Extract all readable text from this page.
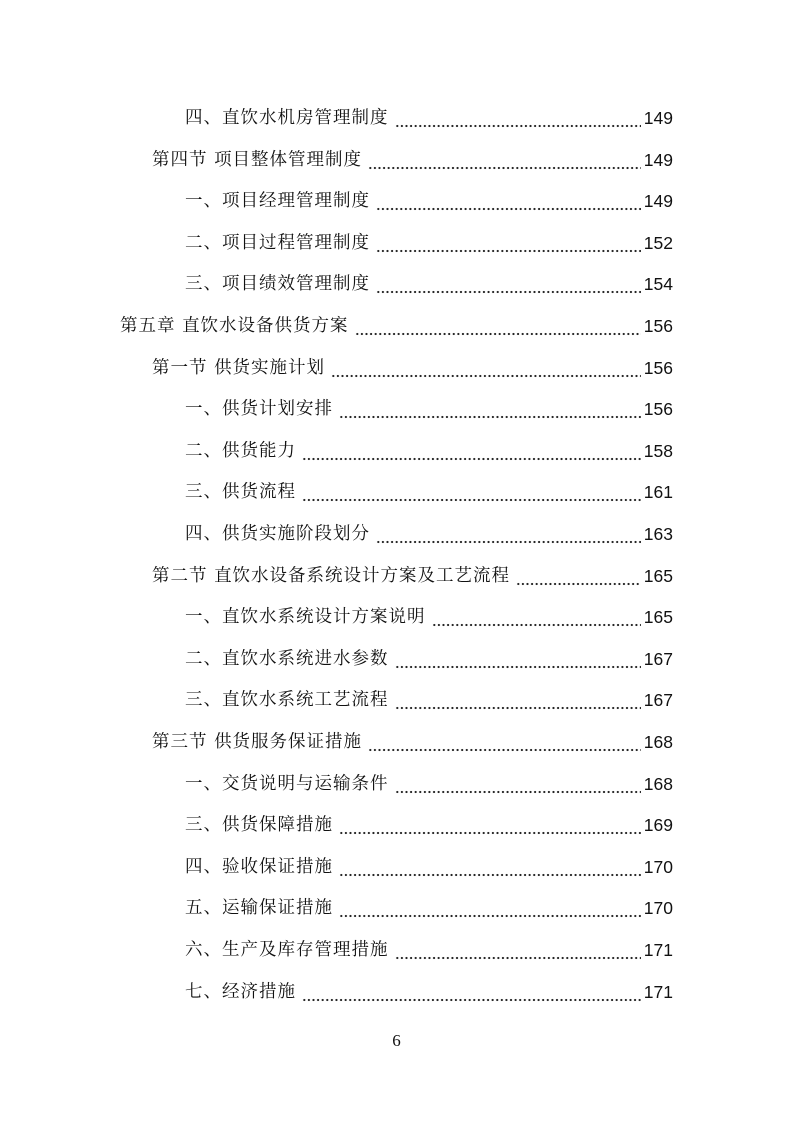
四、直饮水机房管理制度	149
第四节 项目整体管理制度	149
一、项目经理管理制度	149
二、项目过程管理制度	152
三、项目绩效管理制度	154
第五章 直饮水设备供货方案	156
第一节 供货实施计划	156
一、供货计划安排	156
二、供货能力	158
三、供货流程	161
四、供货实施阶段划分	163
第二节 直饮水设备系统设计方案及工艺流程	165
一、直饮水系统设计方案说明	165
二、直饮水系统进水参数	167
三、直饮水系统工艺流程	167
第三节 供货服务保证措施	168
一、交货说明与运输条件	168
三、供货保障措施	169
四、验收保证措施	170
五、运输保证措施	170
六、生产及库存管理措施	171
七、经济措施	171
6
